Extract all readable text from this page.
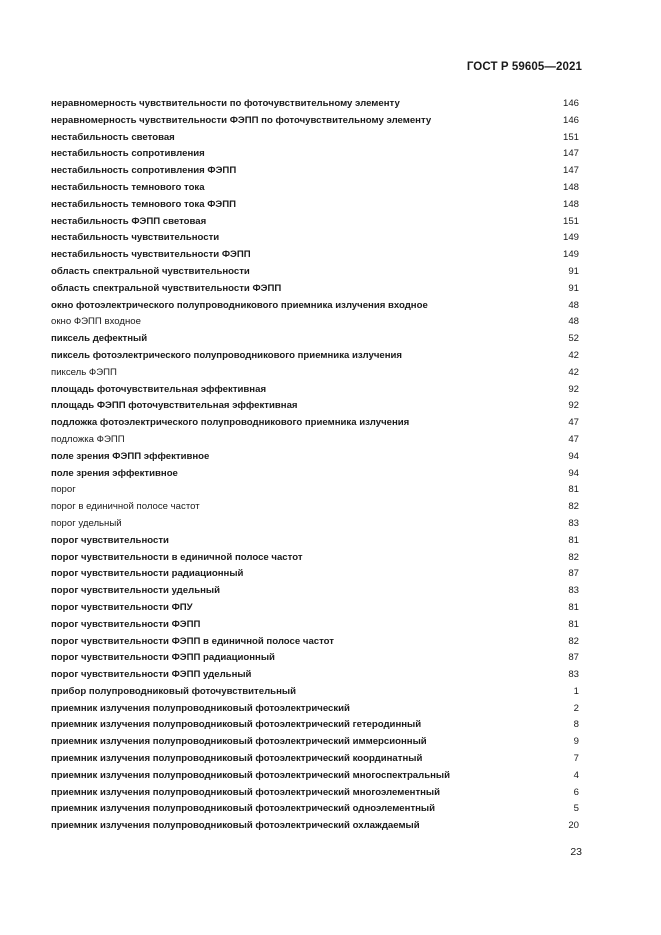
ГОСТ Р 59605—2021
неравномерность чувствительности по фоточувствительному элементу	146
неравномерность чувствительности ФЭПП по фоточувствительному элементу	146
нестабильность световая	151
нестабильность сопротивления	147
нестабильность сопротивления ФЭПП	147
нестабильность темнового тока	148
нестабильность темнового тока ФЭПП	148
нестабильность ФЭПП световая	151
нестабильность чувствительности	149
нестабильность чувствительности ФЭПП	149
область спектральной чувствительности	91
область спектральной чувствительности ФЭПП	91
окно фотоэлектрического полупроводникового приемника излучения входное	48
окно ФЭПП входное	48
пиксель дефектный	52
пиксель фотоэлектрического полупроводникового приемника излучения	42
пиксель ФЭПП	42
площадь фоточувствительная эффективная	92
площадь ФЭПП фоточувствительная эффективная	92
подложка фотоэлектрического полупроводникового приемника излучения	47
подложка ФЭПП	47
поле зрения ФЭПП эффективное	94
поле зрения эффективное	94
порог	81
порог в единичной полосе частот	82
порог удельный	83
порог чувствительности	81
порог чувствительности в единичной полосе частот	82
порог чувствительности радиационный	87
порог чувствительности удельный	83
порог чувствительности ФПУ	81
порог чувствительности ФЭПП	81
порог чувствительности ФЭПП в единичной полосе частот	82
порог чувствительности ФЭПП радиационный	87
порог чувствительности ФЭПП удельный	83
прибор полупроводниковый фоточувствительный	1
приемник излучения полупроводниковый фотоэлектрический	2
приемник излучения полупроводниковый фотоэлектрический гетеродинный	8
приемник излучения полупроводниковый фотоэлектрический иммерсионный	9
приемник излучения полупроводниковый фотоэлектрический координатный	7
приемник излучения полупроводниковый фотоэлектрический многоспектральный	4
приемник излучения полупроводниковый фотоэлектрический многоэлементный	6
приемник излучения полупроводниковый фотоэлектрический одноэлементный	5
приемник излучения полупроводниковый фотоэлектрический охлаждаемый	20
23
